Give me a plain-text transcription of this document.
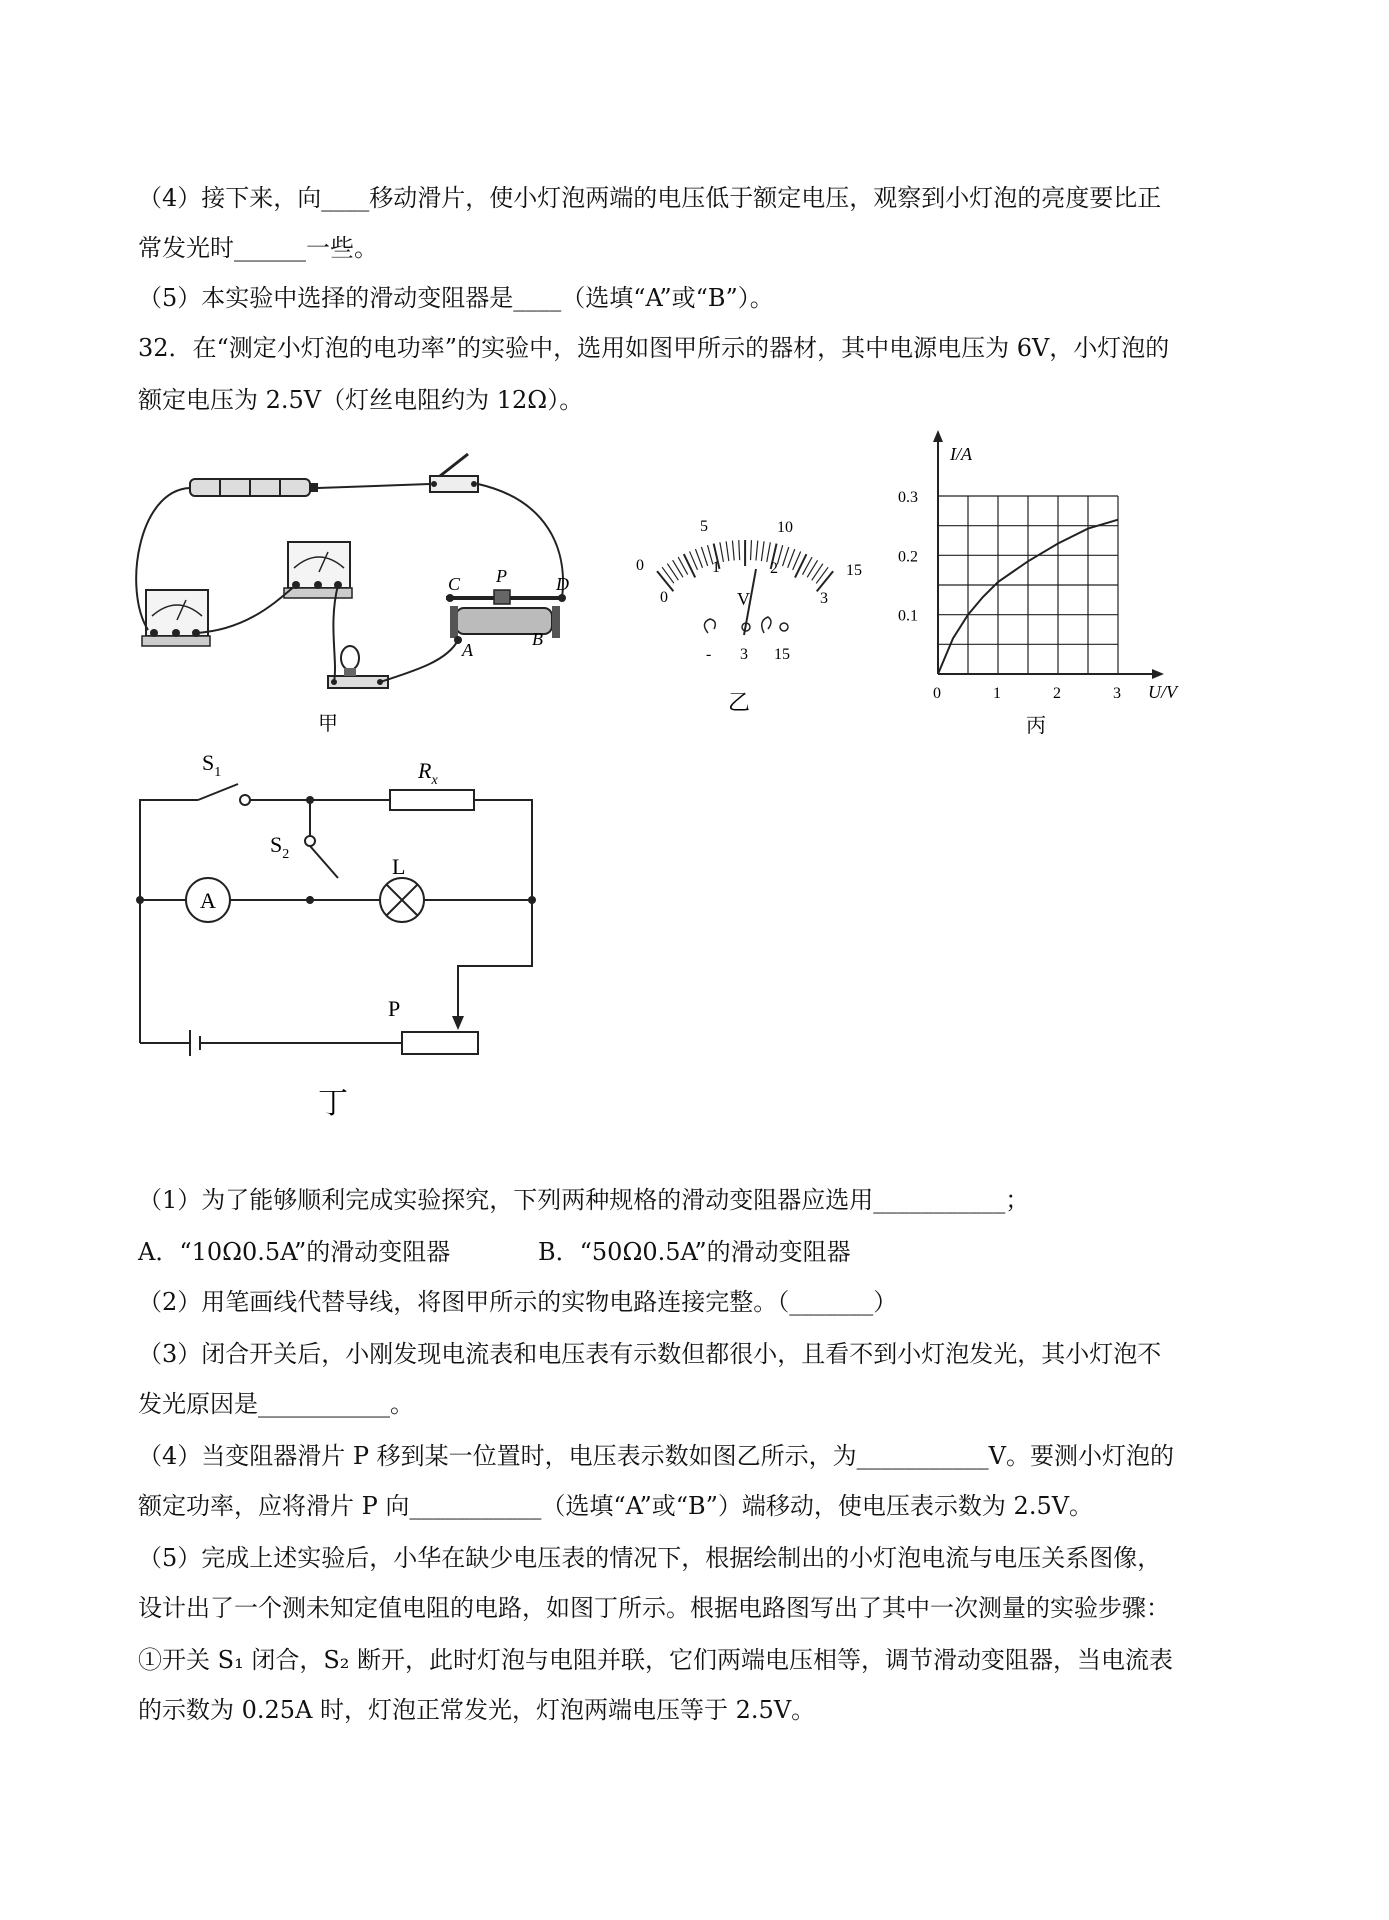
（4）接下来，向____移动滑片，使小灯泡两端的电压低于额定电压，观察到小灯泡的亮度要比正
常发光时______一些。
（5）本实验中选择的滑动变阻器是____（选填“A”或“B”）。
32．在“测定小灯泡的电功率”的实验中，选用如图甲所示的器材，其中电源电压为 6V，小灯泡的
额定电压为 2.5V（灯丝电阻约为 12Ω）。
C P	D
A
B
甲
0
5	10
15
0
1	2
3
V
- 3 15
乙
I/A
U/V
0.1
0.2
0.3
0	1	2	3
丙
$S_1$
$S_2$
$R_x$
L
A
P
丁
（1）为了能够顺利完成实验探究，下列两种规格的滑动变阻器应选用___________；
A．“10Ω0.5A”的滑动变阻器	B．“50Ω0.5A”的滑动变阻器
（2）用笔画线代替导线，将图甲所示的实物电路连接完整。（_______）
（3）闭合开关后，小刚发现电流表和电压表有示数但都很小，且看不到小灯泡发光，其小灯泡不
发光原因是___________。
（4）当变阻器滑片 P 移到某一位置时，电压表示数如图乙所示，为___________V。要测小灯泡的
额定功率，应将滑片 P 向___________（选填“A”或“B”）端移动，使电压表示数为 2.5V。
（5）完成上述实验后，小华在缺少电压表的情况下，根据绘制出的小灯泡电流与电压关系图像，
设计出了一个测未知定值电阻的电路，如图丁所示。根据电路图写出了其中一次测量的实验步骤：
①开关 S₁ 闭合，S₂ 断开，此时灯泡与电阻并联，它们两端电压相等，调节滑动变阻器，当电流表
的示数为 0.25A 时，灯泡正常发光，灯泡两端电压等于 2.5V。
